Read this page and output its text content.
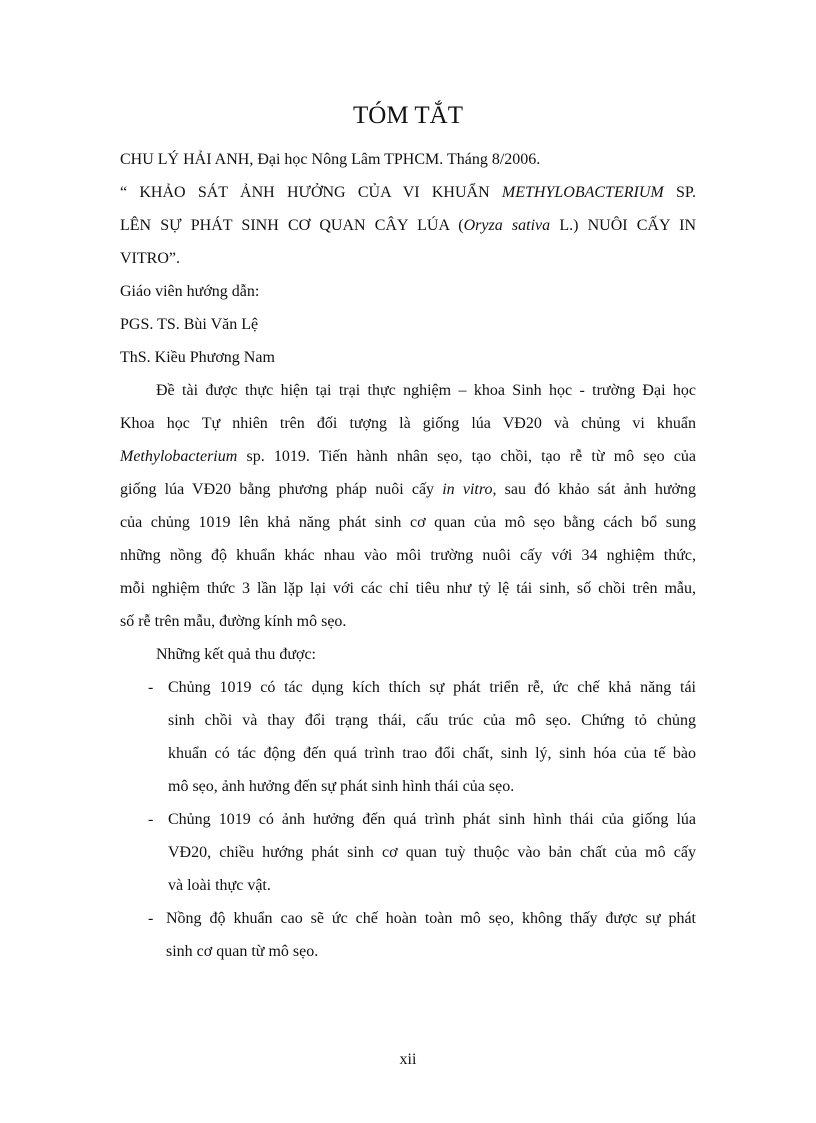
TÓM TẮT
CHU LÝ HẢI ANH, Đại học Nông Lâm TPHCM. Tháng 8/2006.
“ KHẢO SÁT ẢNH HƯỞNG CỦA VI KHUẨN METHYLOBACTERIUM SP.
LÊN SỰ PHÁT SINH CƠ QUAN CÂY LÚA (Oryza sativa L.) NUÔI CẤY IN
VITRO”.
Giáo viên hướng dẫn:
PGS. TS. Bùi Văn Lệ
ThS. Kiều Phương Nam
Đề tài được thực hiện tại trại thực nghiệm – khoa Sinh học - trường Đại học
Khoa học Tự nhiên trên đối tượng là giống lúa VĐ20 và chủng vi khuẩn
Methylobacterium sp. 1019. Tiến hành nhân sẹo, tạo chồi, tạo rễ từ mô sẹo của
giống lúa VĐ20 bằng phương pháp nuôi cấy in vitro, sau đó khảo sát ảnh hưởng
của chủng 1019 lên khả năng phát sinh cơ quan của mô sẹo bằng cách bổ sung
những nồng độ khuẩn khác nhau vào môi trường nuôi cấy với 34 nghiệm thức,
mỗi nghiệm thức 3 lần lặp lại với các chỉ tiêu như tỷ lệ tái sinh, số chồi trên mẫu,
số rễ trên mẫu, đường kính mô sẹo.
Những kết quả thu được:
- Chủng 1019 có tác dụng kích thích sự phát triển rễ, ức chế khả năng tái
sinh chồi và thay đổi trạng thái, cấu trúc của mô sẹo. Chứng tỏ chủng
khuẩn có tác động đến quá trình trao đổi chất, sinh lý, sinh hóa của tế bào
mô sẹo, ảnh hưởng đến sự phát sinh hình thái của sẹo.
- Chủng 1019 có ảnh hưởng đến quá trình phát sinh hình thái của giống lúa
VĐ20, chiều hướng phát sinh cơ quan tuỳ thuộc vào bản chất của mô cấy
và loài thực vật.
- Nồng độ khuẩn cao sẽ ức chế hoàn toàn mô sẹo, không thấy được sự phát
sinh cơ quan từ mô sẹo.
xii
